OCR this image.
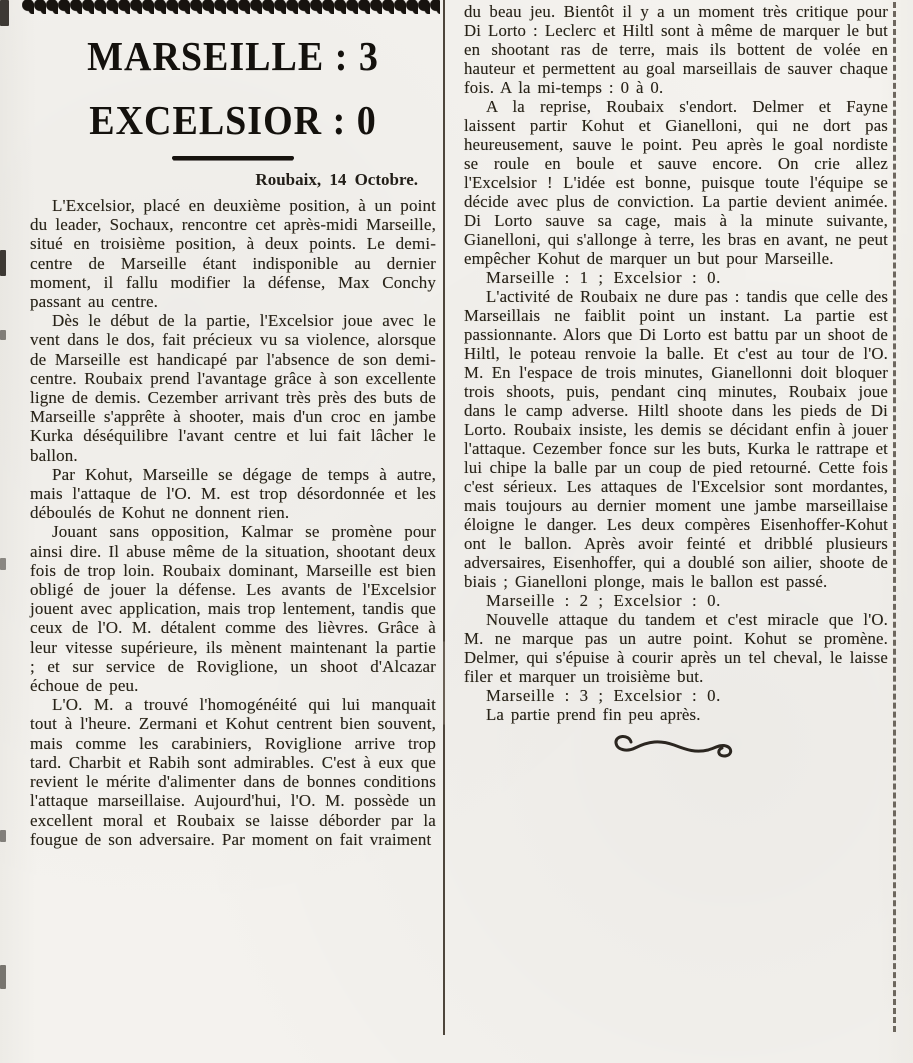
MARSEILLE : 3
EXCELSIOR : 0
Roubaix, 14 Octobre.

L'Excelsior, placé en deuxième position, à un point du leader, Sochaux, rencontre cet après-midi Marseille, situé en troisième position, à deux points. Le demi-centre de Marseille étant indisponible au dernier moment, il fallu modifier la défense, Max Conchy passant au centre.

Dès le début de la partie, l'Excelsior joue avec le vent dans le dos, fait précieux vu sa violence, alorsque de Marseille est handicapé par l'absence de son demi-centre. Roubaix prend l'avantage grâce à son excellente ligne de demis. Cezember arrivant très près des buts de Marseille s'apprête à shooter, mais d'un croc en jambe Kurka déséquilibre l'avant centre et lui fait lâcher le ballon.

Par Kohut, Marseille se dégage de temps à autre, mais l'attaque de l'O. M. est trop désordonnée et les déboulés de Kohut ne donnent rien.

Jouant sans opposition, Kalmar se promène pour ainsi dire. Il abuse même de la situation, shootant deux fois de trop loin. Roubaix dominant, Marseille est bien obligé de jouer la défense. Les avants de l'Excelsior jouent avec application, mais trop lentement, tandis que ceux de l'O. M. détalent comme des lièvres. Grâce à leur vitesse supérieure, ils mènent maintenant la partie ; et sur service de Roviglione, un shoot d'Alcazar échoue de peu.

L'O. M. a trouvé l'homogénéité qui lui manquait tout à l'heure. Zermani et Kohut centrent bien souvent, mais comme les carabiniers, Roviglione arrive trop tard. Charbit et Rabih sont admirables. C'est à eux que revient le mérite d'alimenter dans de bonnes conditions l'attaque marseillaise. Aujourd'hui, l'O. M. possède un excellent moral et Roubaix se laisse déborder par la fougue de son adversaire. Par moment on fait vraiment

du beau jeu. Bientôt il y a un moment très critique pour Di Lorto : Leclerc et Hiltl sont à même de marquer le but en shootant ras de terre, mais ils bottent de volée en hauteur et permettent au goal marseillais de sauver chaque fois. A la mi-temps : 0 à 0.

A la reprise, Roubaix s'endort. Delmer et Fayne laissent partir Kohut et Gianelloni, qui ne dort pas heureusement, sauve le point. Peu après le goal nordiste se roule en boule et sauve encore. On crie allez l'Excelsior ! L'idée est bonne, puisque toute l'équipe se décide avec plus de conviction. La partie devient animée. Di Lorto sauve sa cage, mais à la minute suivante, Gianelloni, qui s'allonge à terre, les bras en avant, ne peut empêcher Kohut de marquer un but pour Marseille.

Marseille : 1 ; Excelsior : 0.

L'activité de Roubaix ne dure pas : tandis que celle des Marseillais ne faiblit point un instant. La partie est passionnante. Alors que Di Lorto est battu par un shoot de Hiltl, le poteau renvoie la balle. Et c'est au tour de l'O. M. En l'espace de trois minutes, Gianellonni doit bloquer trois shoots, puis, pendant cinq minutes, Roubaix joue dans le camp adverse. Hiltl shoote dans les pieds de Di Lorto. Roubaix insiste, les demis se décidant enfin à jouer l'attaque. Cezember fonce sur les buts, Kurka le rattrape et lui chipe la balle par un coup de pied retourné. Cette fois c'est sérieux. Les attaques de l'Excelsior sont mordantes, mais toujours au dernier moment une jambe marseillaise éloigne le danger. Les deux compères Eisenhoffer-Kohut ont le ballon. Après avoir feinté et dribblé plusieurs adversaires, Eisenhoffer, qui a doublé son ailier, shoote de biais ; Gianelloni plonge, mais le ballon est passé.

Marseille : 2 ; Excelsior : 0.

Nouvelle attaque du tandem et c'est miracle que l'O. M. ne marque pas un autre point. Kohut se promène. Delmer, qui s'épuise à courir après un tel cheval, le laisse filer et marquer un troisième but.

Marseille : 3 ; Excelsior : 0.

La partie prend fin peu après.
